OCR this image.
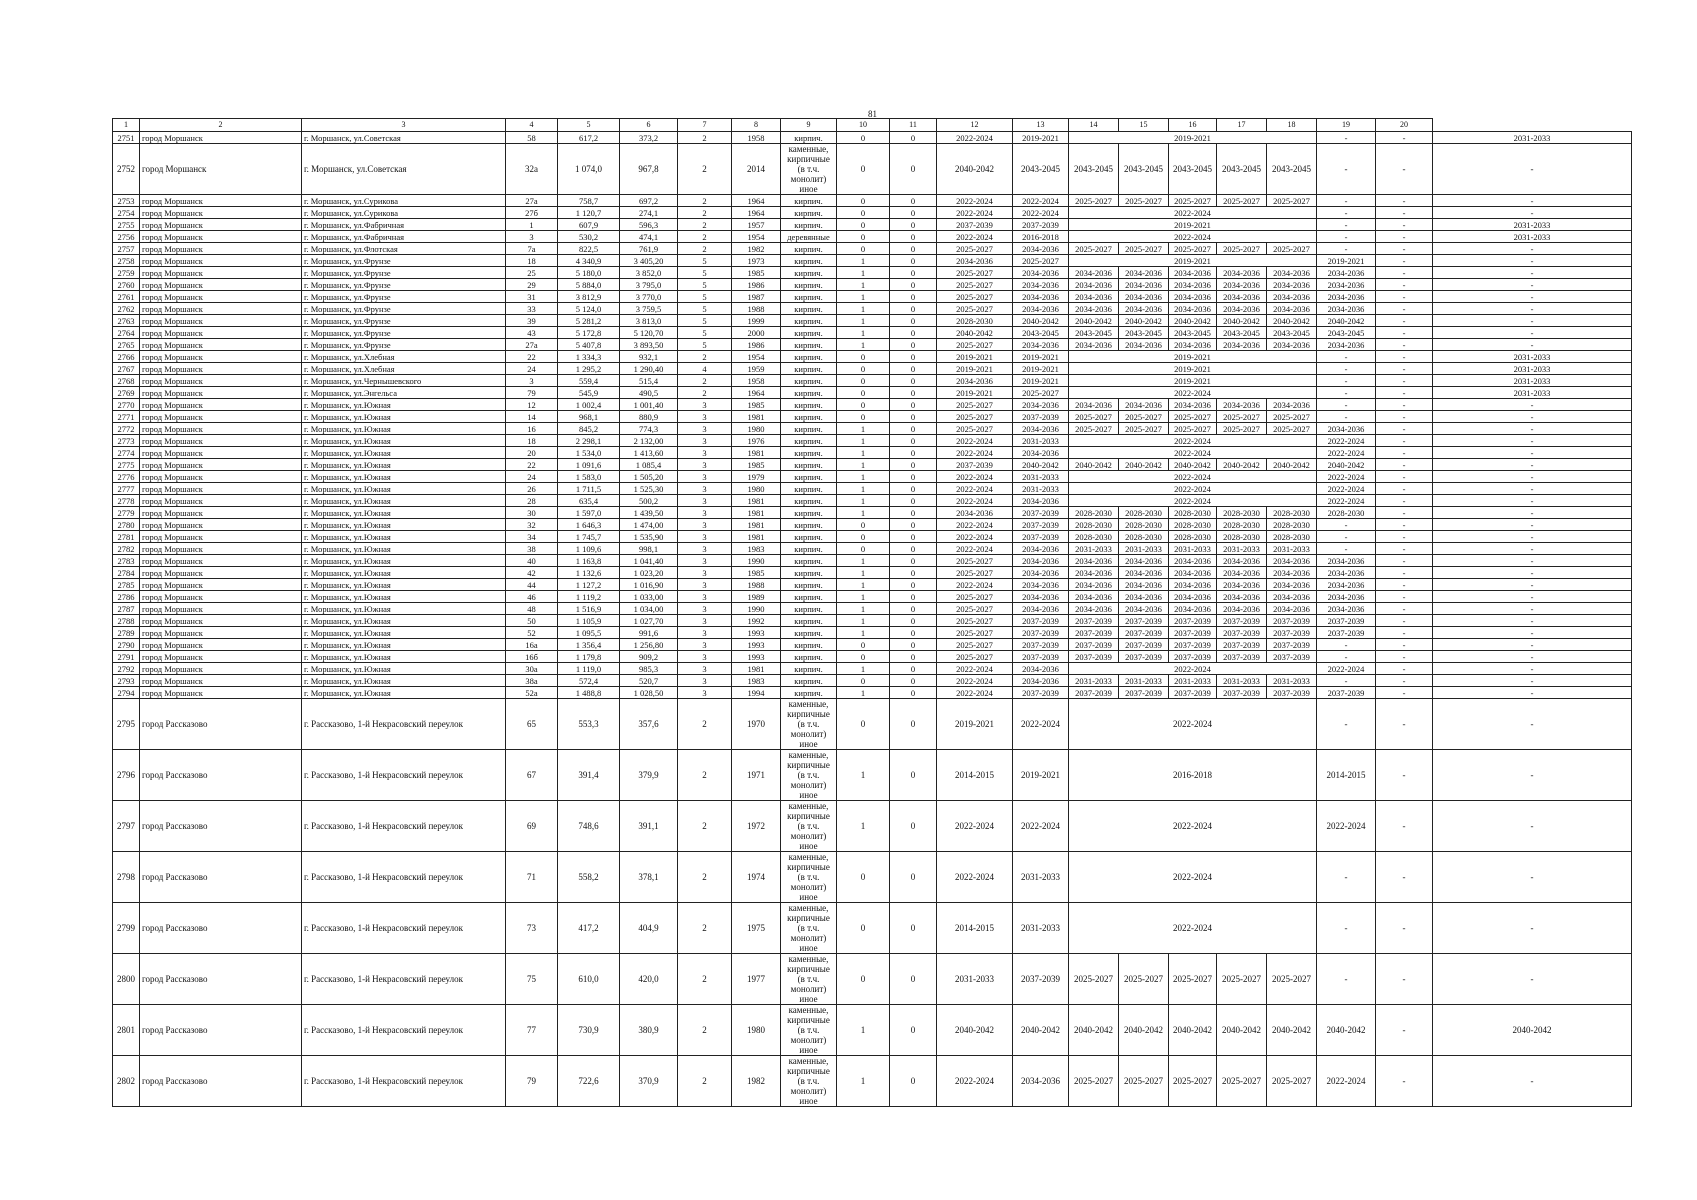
81
1	2	3	4	5	6	7	8	9	10	11	12	13	14	15	16	17	18	19	20	
2751	город Моршанск	г. Моршанск, ул.Советская	58	617,2	373,2	2	1958	кирпич.	0	0	2022-2024	2019-2021	2019-2021					-	-	2031-2033
2752	город Моршанск	г. Моршанск, ул.Советская	32а	1 074,0	967,8	2	2014	каменные, кирпичные (в т.ч. монолит) иное	0	0	2040-2042	2043-2045	2043-2045	2043-2045	2043-2045	2043-2045	2043-2045	-	-	-
2753	город Моршанск	г. Моршанск, ул.Сурикова	27а	758,7	697,2	2	1964	кирпич.	0	0	2022-2024	2022-2024	2025-2027	2025-2027	2025-2027	2025-2027	2025-2027	-	-	-
2754	город Моршанск	г. Моршанск, ул.Сурикова	27б	1 120,7	274,1	2	1964	кирпич.	0	0	2022-2024	2022-2024	2022-2024					-	-	-
2755	город Моршанск	г. Моршанск, ул.Фабричная	1	607,9	596,3	2	1957	кирпич.	0	0	2037-2039	2037-2039	2019-2021					-	-	2031-2033
2756	город Моршанск	г. Моршанск, ул.Фабричная	3	530,2	474,1	2	1954	деревянные	0	0	2022-2024	2016-2018	2022-2024					-	-	2031-2033
2757	город Моршанск	г. Моршанск, ул.Флотская	7а	822,5	761,9	2	1982	кирпич.	0	0	2025-2027	2034-2036	2025-2027	2025-2027	2025-2027	2025-2027	2025-2027	-	-	-
2758	город Моршанск	г. Моршанск, ул.Фрунзе	18	4 340,9	3 405,20	5	1973	кирпич.	1	0	2034-2036	2025-2027	2019-2021					2019-2021	-	-
2759	город Моршанск	г. Моршанск, ул.Фрунзе	25	5 180,0	3 852,0	5	1985	кирпич.	1	0	2025-2027	2034-2036	2034-2036	2034-2036	2034-2036	2034-2036	2034-2036	2034-2036	-	-
2760	город Моршанск	г. Моршанск, ул.Фрунзе	29	5 884,0	3 795,0	5	1986	кирпич.	1	0	2025-2027	2034-2036	2034-2036	2034-2036	2034-2036	2034-2036	2034-2036	2034-2036	-	-
2761	город Моршанск	г. Моршанск, ул.Фрунзе	31	3 812,9	3 770,0	5	1987	кирпич.	1	0	2025-2027	2034-2036	2034-2036	2034-2036	2034-2036	2034-2036	2034-2036	2034-2036	-	-
2762	город Моршанск	г. Моршанск, ул.Фрунзе	33	5 124,0	3 759,5	5	1988	кирпич.	1	0	2025-2027	2034-2036	2034-2036	2034-2036	2034-2036	2034-2036	2034-2036	2034-2036	-	-
2763	город Моршанск	г. Моршанск, ул.Фрунзе	39	5 281,2	3 813,0	5	1999	кирпич.	1	0	2028-2030	2040-2042	2040-2042	2040-2042	2040-2042	2040-2042	2040-2042	2040-2042	-	-
2764	город Моршанск	г. Моршанск, ул.Фрунзе	43	5 172,8	5 120,70	5	2000	кирпич.	1	0	2040-2042	2043-2045	2043-2045	2043-2045	2043-2045	2043-2045	2043-2045	2043-2045	-	-
2765	город Моршанск	г. Моршанск, ул.Фрунзе	27а	5 407,8	3 893,50	5	1986	кирпич.	1	0	2025-2027	2034-2036	2034-2036	2034-2036	2034-2036	2034-2036	2034-2036	2034-2036	-	-
2766	город Моршанск	г. Моршанск, ул.Хлебная	22	1 334,3	932,1	2	1954	кирпич.	0	0	2019-2021	2019-2021	2019-2021					-	-	2031-2033
2767	город Моршанск	г. Моршанск, ул.Хлебная	24	1 295,2	1 290,40	4	1959	кирпич.	0	0	2019-2021	2019-2021	2019-2021					-	-	2031-2033
2768	город Моршанск	г. Моршанск, ул.Чернышевского	3	559,4	515,4	2	1958	кирпич.	0	0	2034-2036	2019-2021	2019-2021					-	-	2031-2033
2769	город Моршанск	г. Моршанск, ул.Энгельса	79	545,9	490,5	2	1964	кирпич.	0	0	2019-2021	2025-2027	2022-2024					-	-	2031-2033
2770	город Моршанск	г. Моршанск, ул.Южная	12	1 002,4	1 001,40	3	1985	кирпич.	0	0	2025-2027	2034-2036	2034-2036	2034-2036	2034-2036	2034-2036	2034-2036	-	-	-
2771	город Моршанск	г. Моршанск, ул.Южная	14	968,1	880,9	3	1981	кирпич.	0	0	2025-2027	2037-2039	2025-2027	2025-2027	2025-2027	2025-2027	2025-2027	-	-	-
2772	город Моршанск	г. Моршанск, ул.Южная	16	845,2	774,3	3	1980	кирпич.	1	0	2025-2027	2034-2036	2025-2027	2025-2027	2025-2027	2025-2027	2025-2027	2034-2036	-	-
2773	город Моршанск	г. Моршанск, ул.Южная	18	2 298,1	2 132,00	3	1976	кирпич.	1	0	2022-2024	2031-2033	2022-2024					2022-2024	-	-
2774	город Моршанск	г. Моршанск, ул.Южная	20	1 534,0	1 413,60	3	1981	кирпич.	1	0	2022-2024	2034-2036	2022-2024					2022-2024	-	-
2775	город Моршанск	г. Моршанск, ул.Южная	22	1 091,6	1 085,4	3	1985	кирпич.	1	0	2037-2039	2040-2042	2040-2042	2040-2042	2040-2042	2040-2042	2040-2042	2040-2042	-	-
2776	город Моршанск	г. Моршанск, ул.Южная	24	1 583,0	1 505,20	3	1979	кирпич.	1	0	2022-2024	2031-2033	2022-2024					2022-2024	-	-
2777	город Моршанск	г. Моршанск, ул.Южная	26	1 711,5	1 525,30	3	1980	кирпич.	1	0	2022-2024	2031-2033	2022-2024					2022-2024	-	-
2778	город Моршанск	г. Моршанск, ул.Южная	28	635,4	500,2	3	1981	кирпич.	1	0	2022-2024	2034-2036	2022-2024					2022-2024	-	-
2779	город Моршанск	г. Моршанск, ул.Южная	30	1 597,0	1 439,50	3	1981	кирпич.	1	0	2034-2036	2037-2039	2028-2030	2028-2030	2028-2030	2028-2030	2028-2030	2028-2030	-	-
2780	город Моршанск	г. Моршанск, ул.Южная	32	1 646,3	1 474,00	3	1981	кирпич.	0	0	2022-2024	2037-2039	2028-2030	2028-2030	2028-2030	2028-2030	2028-2030	-	-	-
2781	город Моршанск	г. Моршанск, ул.Южная	34	1 745,7	1 535,90	3	1981	кирпич.	0	0	2022-2024	2037-2039	2028-2030	2028-2030	2028-2030	2028-2030	2028-2030	-	-	-
2782	город Моршанск	г. Моршанск, ул.Южная	38	1 109,6	998,1	3	1983	кирпич.	0	0	2022-2024	2034-2036	2031-2033	2031-2033	2031-2033	2031-2033	2031-2033	-	-	-
2783	город Моршанск	г. Моршанск, ул.Южная	40	1 163,8	1 041,40	3	1990	кирпич.	1	0	2025-2027	2034-2036	2034-2036	2034-2036	2034-2036	2034-2036	2034-2036	2034-2036	-	-
2784	город Моршанск	г. Моршанск, ул.Южная	42	1 132,6	1 023,20	3	1985	кирпич.	1	0	2025-2027	2034-2036	2034-2036	2034-2036	2034-2036	2034-2036	2034-2036	2034-2036	-	-
2785	город Моршанск	г. Моршанск, ул.Южная	44	1 127,2	1 016,90	3	1988	кирпич.	1	0	2022-2024	2034-2036	2034-2036	2034-2036	2034-2036	2034-2036	2034-2036	2034-2036	-	-
2786	город Моршанск	г. Моршанск, ул.Южная	46	1 119,2	1 033,00	3	1989	кирпич.	1	0	2025-2027	2034-2036	2034-2036	2034-2036	2034-2036	2034-2036	2034-2036	2034-2036	-	-
2787	город Моршанск	г. Моршанск, ул.Южная	48	1 516,9	1 034,00	3	1990	кирпич.	1	0	2025-2027	2034-2036	2034-2036	2034-2036	2034-2036	2034-2036	2034-2036	2034-2036	-	-
2788	город Моршанск	г. Моршанск, ул.Южная	50	1 105,9	1 027,70	3	1992	кирпич.	1	0	2025-2027	2037-2039	2037-2039	2037-2039	2037-2039	2037-2039	2037-2039	2037-2039	-	-
2789	город Моршанск	г. Моршанск, ул.Южная	52	1 095,5	991,6	3	1993	кирпич.	1	0	2025-2027	2037-2039	2037-2039	2037-2039	2037-2039	2037-2039	2037-2039	2037-2039	-	-
2790	город Моршанск	г. Моршанск, ул.Южная	16а	1 356,4	1 256,80	3	1993	кирпич.	0	0	2025-2027	2037-2039	2037-2039	2037-2039	2037-2039	2037-2039	2037-2039	-	-	-
2791	город Моршанск	г. Моршанск, ул.Южная	16б	1 179,8	909,2	3	1993	кирпич.	0	0	2025-2027	2037-2039	2037-2039	2037-2039	2037-2039	2037-2039	2037-2039	-	-	-
2792	город Моршанск	г. Моршанск, ул.Южная	30а	1 119,0	985,3	3	1981	кирпич.	1	0	2022-2024	2034-2036	2022-2024					2022-2024	-	-
2793	город Моршанск	г. Моршанск, ул.Южная	38а	572,4	520,7	3	1983	кирпич.	0	0	2022-2024	2034-2036	2031-2033	2031-2033	2031-2033	2031-2033	2031-2033	-	-	-
2794	город Моршанск	г. Моршанск, ул.Южная	52а	1 488,8	1 028,50	3	1994	кирпич.	1	0	2022-2024	2037-2039	2037-2039	2037-2039	2037-2039	2037-2039	2037-2039	2037-2039	-	-
2795	город Рассказово	г. Рассказово, 1-й Некрасовский переулок	65	553,3	357,6	2	1970	каменные, кирпичные (в т.ч. монолит) иное	0	0	2019-2021	2022-2024	2022-2024					-	-	-
2796	город Рассказово	г. Рассказово, 1-й Некрасовский переулок	67	391,4	379,9	2	1971	каменные, кирпичные (в т.ч. монолит) иное	1	0	2014-2015	2019-2021	2016-2018					2014-2015	-	-
2797	город Рассказово	г. Рассказово, 1-й Некрасовский переулок	69	748,6	391,1	2	1972	каменные, кирпичные (в т.ч. монолит) иное	1	0	2022-2024	2022-2024	2022-2024					2022-2024	-	-
2798	город Рассказово	г. Рассказово, 1-й Некрасовский переулок	71	558,2	378,1	2	1974	каменные, кирпичные (в т.ч. монолит) иное	0	0	2022-2024	2031-2033	2022-2024					-	-	-
2799	город Рассказово	г. Рассказово, 1-й Некрасовский переулок	73	417,2	404,9	2	1975	каменные, кирпичные (в т.ч. монолит) иное	0	0	2014-2015	2031-2033	2022-2024					-	-	-
2800	город Рассказово	г. Рассказово, 1-й Некрасовский переулок	75	610,0	420,0	2	1977	каменные, кирпичные (в т.ч. монолит) иное	0	0	2031-2033	2037-2039	2025-2027	2025-2027	2025-2027	2025-2027	2025-2027	-	-	-
2801	город Рассказово	г. Рассказово, 1-й Некрасовский переулок	77	730,9	380,9	2	1980	каменные, кирпичные (в т.ч. монолит) иное	1	0	2040-2042	2040-2042	2040-2042	2040-2042	2040-2042	2040-2042	2040-2042	2040-2042	-	2040-2042
2802	город Рассказово	г. Рассказово, 1-й Некрасовский переулок	79	722,6	370,9	2	1982	каменные, кирпичные (в т.ч. монолит) иное	1	0	2022-2024	2034-2036	2025-2027	2025-2027	2025-2027	2025-2027	2025-2027	2022-2024	-	-
